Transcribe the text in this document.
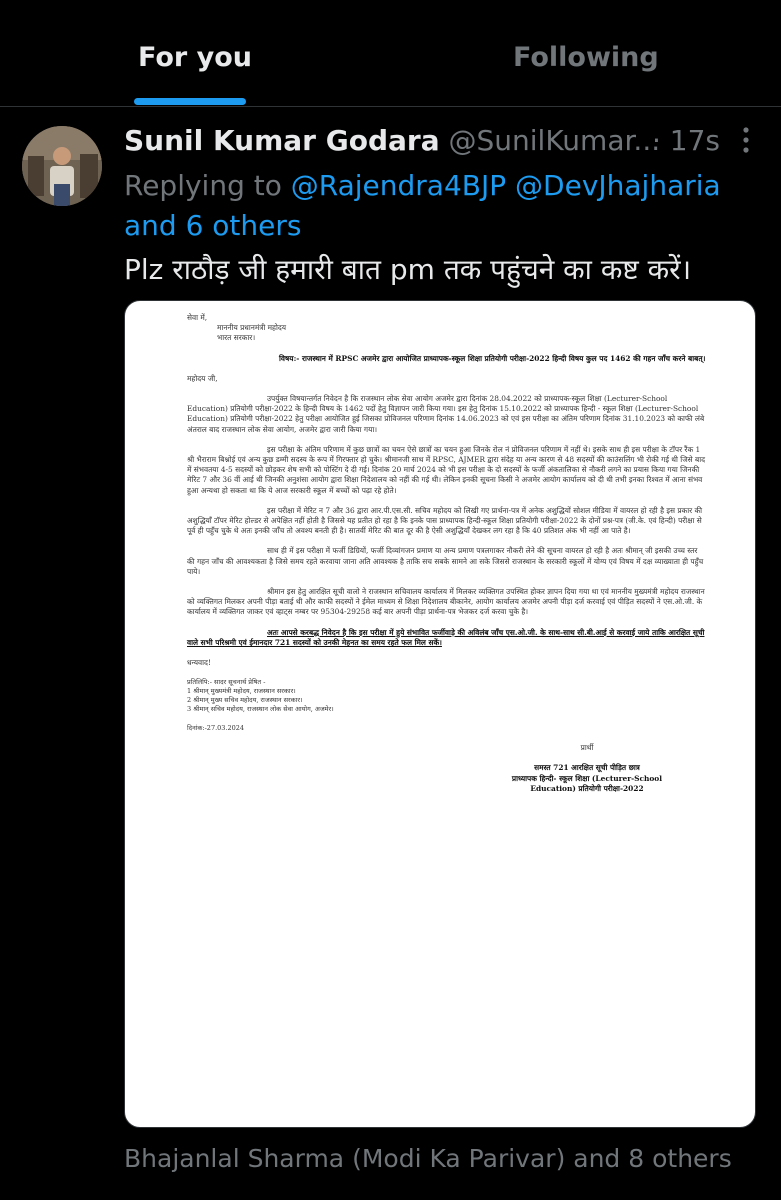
For you	Following
Sunil Kumar Godara @SunilKumar...
· 17s
Replying to @Rajendra4BJP @DevJhajharia and 6 others
Plz राठौड़ जी हमारी बात pm तक पहुंचने का कष्ट करें।

सेवा में,
माननीय प्रधानमंत्री महोदय
भारत सरकार।

विषय:- राजस्थान में RPSC अजमेर द्वारा आयोजित प्राध्यापक-स्कूल शिक्षा प्रतियोगी परीक्षा-2022 हिन्दी विषय कुल पद 1462 की गहन जाँच करने बाबत्।

महोदय जी,

उपर्युक्त विषयान्तर्गत निवेदन है कि राजस्थान लोक सेवा आयोग अजमेर द्वारा दिनांक 28.04.2022 को प्राध्यापक-स्कूल शिक्षा (Lecturer-School Education) प्रतियोगी परीक्षा-2022 के हिन्दी विषय के 1462 पदों हेतु विज्ञापन जारी किया गया। इस हेतु दिनांक 15.10.2022 को प्राध्यापक हिन्दी - स्कूल शिक्षा (Lecturer-School Education) प्रतियोगी परीक्षा-2022 हेतु परीक्षा आयोजित हुई जिसका प्रोविजनल परिणाम दिनांक 14.06.2023 को एवं इस परीक्षा का अंतिम परिणाम दिनांक 31.10.2023 को काफी लंबे अंतराल बाद राजस्थान लोक सेवा आयोग, अजमेर द्वारा जारी किया गया।

इस परीक्षा के अंतिम परिणाम में कुछ छात्रों का चयन ऐसे छात्रों का चयन हुआ जिनके रोल नं प्रोविजनल परिणाम में नहीं थे। इसके साथ ही इस परीक्षा के टॉपर रैंक 1 श्री भैराराम बिश्नोई एवं अन्य कुछ डम्मी सदस्य के रूप में गिरफ्तार हो चुके। श्रीमानजी साथ में RPSC, AJMER द्वारा संदेह या अन्य कारण से 48 सदस्यों की काउंसलिंग भी रोकी गई थी जिसे बाद में संभवतया 4-5 सदस्यों को छोड़कर शेष सभी को पोस्टिंग दे दी गई। दिनांक 20 मार्च 2024 को भी इस परीक्षा के दो सदस्यों के फर्जी अंकतालिका से नौकरी लगने का प्रयास किया गया जिनकी मेरिट 7 और 36 वीं आई थी जिनकी अनुशंसा आयोग द्वारा शिक्षा निदेशालय को नहीं की गई थी। लेकिन इनकी सूचना किसी ने अजमेर आयोग कार्यालय को दी थी तभी इनका रिश्वत में आना संभव हुआ अन्यथा हो सकता था कि ये आज सरकारी स्कूल में बच्चों को पढ़ा रहे होते।

इस परीक्षा में मेरिट न 7 और 36 द्वारा आर.पी.एस.सी. सचिव महोदय को लिखी गए प्रार्थना-पत्र में अनेक अशुद्धियों सोशल मीडिया में वायरल हो रही है इस प्रकार की अशुद्धियाँ टॉपर मेरिट होल्डर से अपेक्षित नहीं होती है जिससे यह प्रतीत हो रहा है कि इनके पास प्राध्यापक हिन्दी-स्कूल शिक्षा प्रतियोगी परीक्षा-2022 के दोनों प्रश्न-पत्र (जी.के. एवं हिन्दी) परीक्षा से पूर्व ही पहुँच चुके थे अतः इनकी जाँच तो अवश्य बनती ही है। सातवीं मेरिट की बात दूर की है ऐसी अशुद्धियाँ देखकर लग रहा है कि 40 प्रतिशत अंक भी नहीं आ पाते है।

साथ ही में इस परीक्षा में फर्जी डिग्रियों, फर्जी दिव्यांगजन प्रमाण या अन्य प्रमाण पत्रलगाकर नौकरी लेने की सूचना वायरल हो रही है अतः श्रीमान् जी इसकी उच्च स्तर की गहन जाँच की आवश्यकता है जिसे समय रहते करवाया जाना अति आवश्यक है ताकि सच सबके सामने आ सके जिससे राजस्थान के सरकारी स्कूलों में योग्य एवं विषय में दक्ष व्याख्याता ही पहुँच पाये।

श्रीमान इस हेतु आरक्षित सूची वालो ने राजस्थान सचिवालय कार्यालय में मिलकर व्यक्तिगत उपस्थित होकर ज्ञापन दिया गया था एवं माननीय मुख्यमंत्री महोदय राजस्थान को व्यक्तिगत मिलकर अपनी पीड़ा बताई थी और काफी सदस्यों ने ईमेल माध्यम से शिक्षा निदेशालय बीकानेर, आयोग कार्यालय अजमेर अपनी पीड़ा दर्ज करवाई एवं पीड़ित सदस्यों ने एस.ओ.जी. के कार्यालय में व्यक्तिगत जाकर एवं व्हाट्स नम्बर पर 95304-29258 कई बार अपनी पीड़ा प्रार्थना-पत्र भेजकर दर्ज करवा चुके है।

अतः आपसे करबद्ध निवेदन है कि इस परीक्षा में हुये संभावित फर्जीवाड़े की अविलंब जाँच एस.ओ.जी. के साथ-साथ सी.बी.आई से करवाई जाये ताकि आरक्षित सूची वाले सभी परिश्रमी एवं ईमानदार 721 सदस्यों को उनकी मेहनत का समय रहते फल मिल सकें।

धन्यवाद!

प्रतिलिपि:- सादर सूचनार्थ प्रेषित -
1 श्रीमान् मुख्यमंत्री महोदय, राजस्थान सरकार।
2 श्रीमान् मुख्य सचिव महोदय, राजस्थान सरकार।
3 श्रीमान् सचिव महोदय, राजस्थान लोक सेवा आयोग, अजमेर।

दिनांक:-27.03.2024

प्रार्थी

समस्त 721 आरक्षित सूची पीड़ित छात्र
प्राध्यापक हिन्दी- स्कूल शिक्षा (Lecturer-School
Education) प्रतियोगी परीक्षा-2022

Bhajanlal Sharma (Modi Ka Parivar) and 8 others
